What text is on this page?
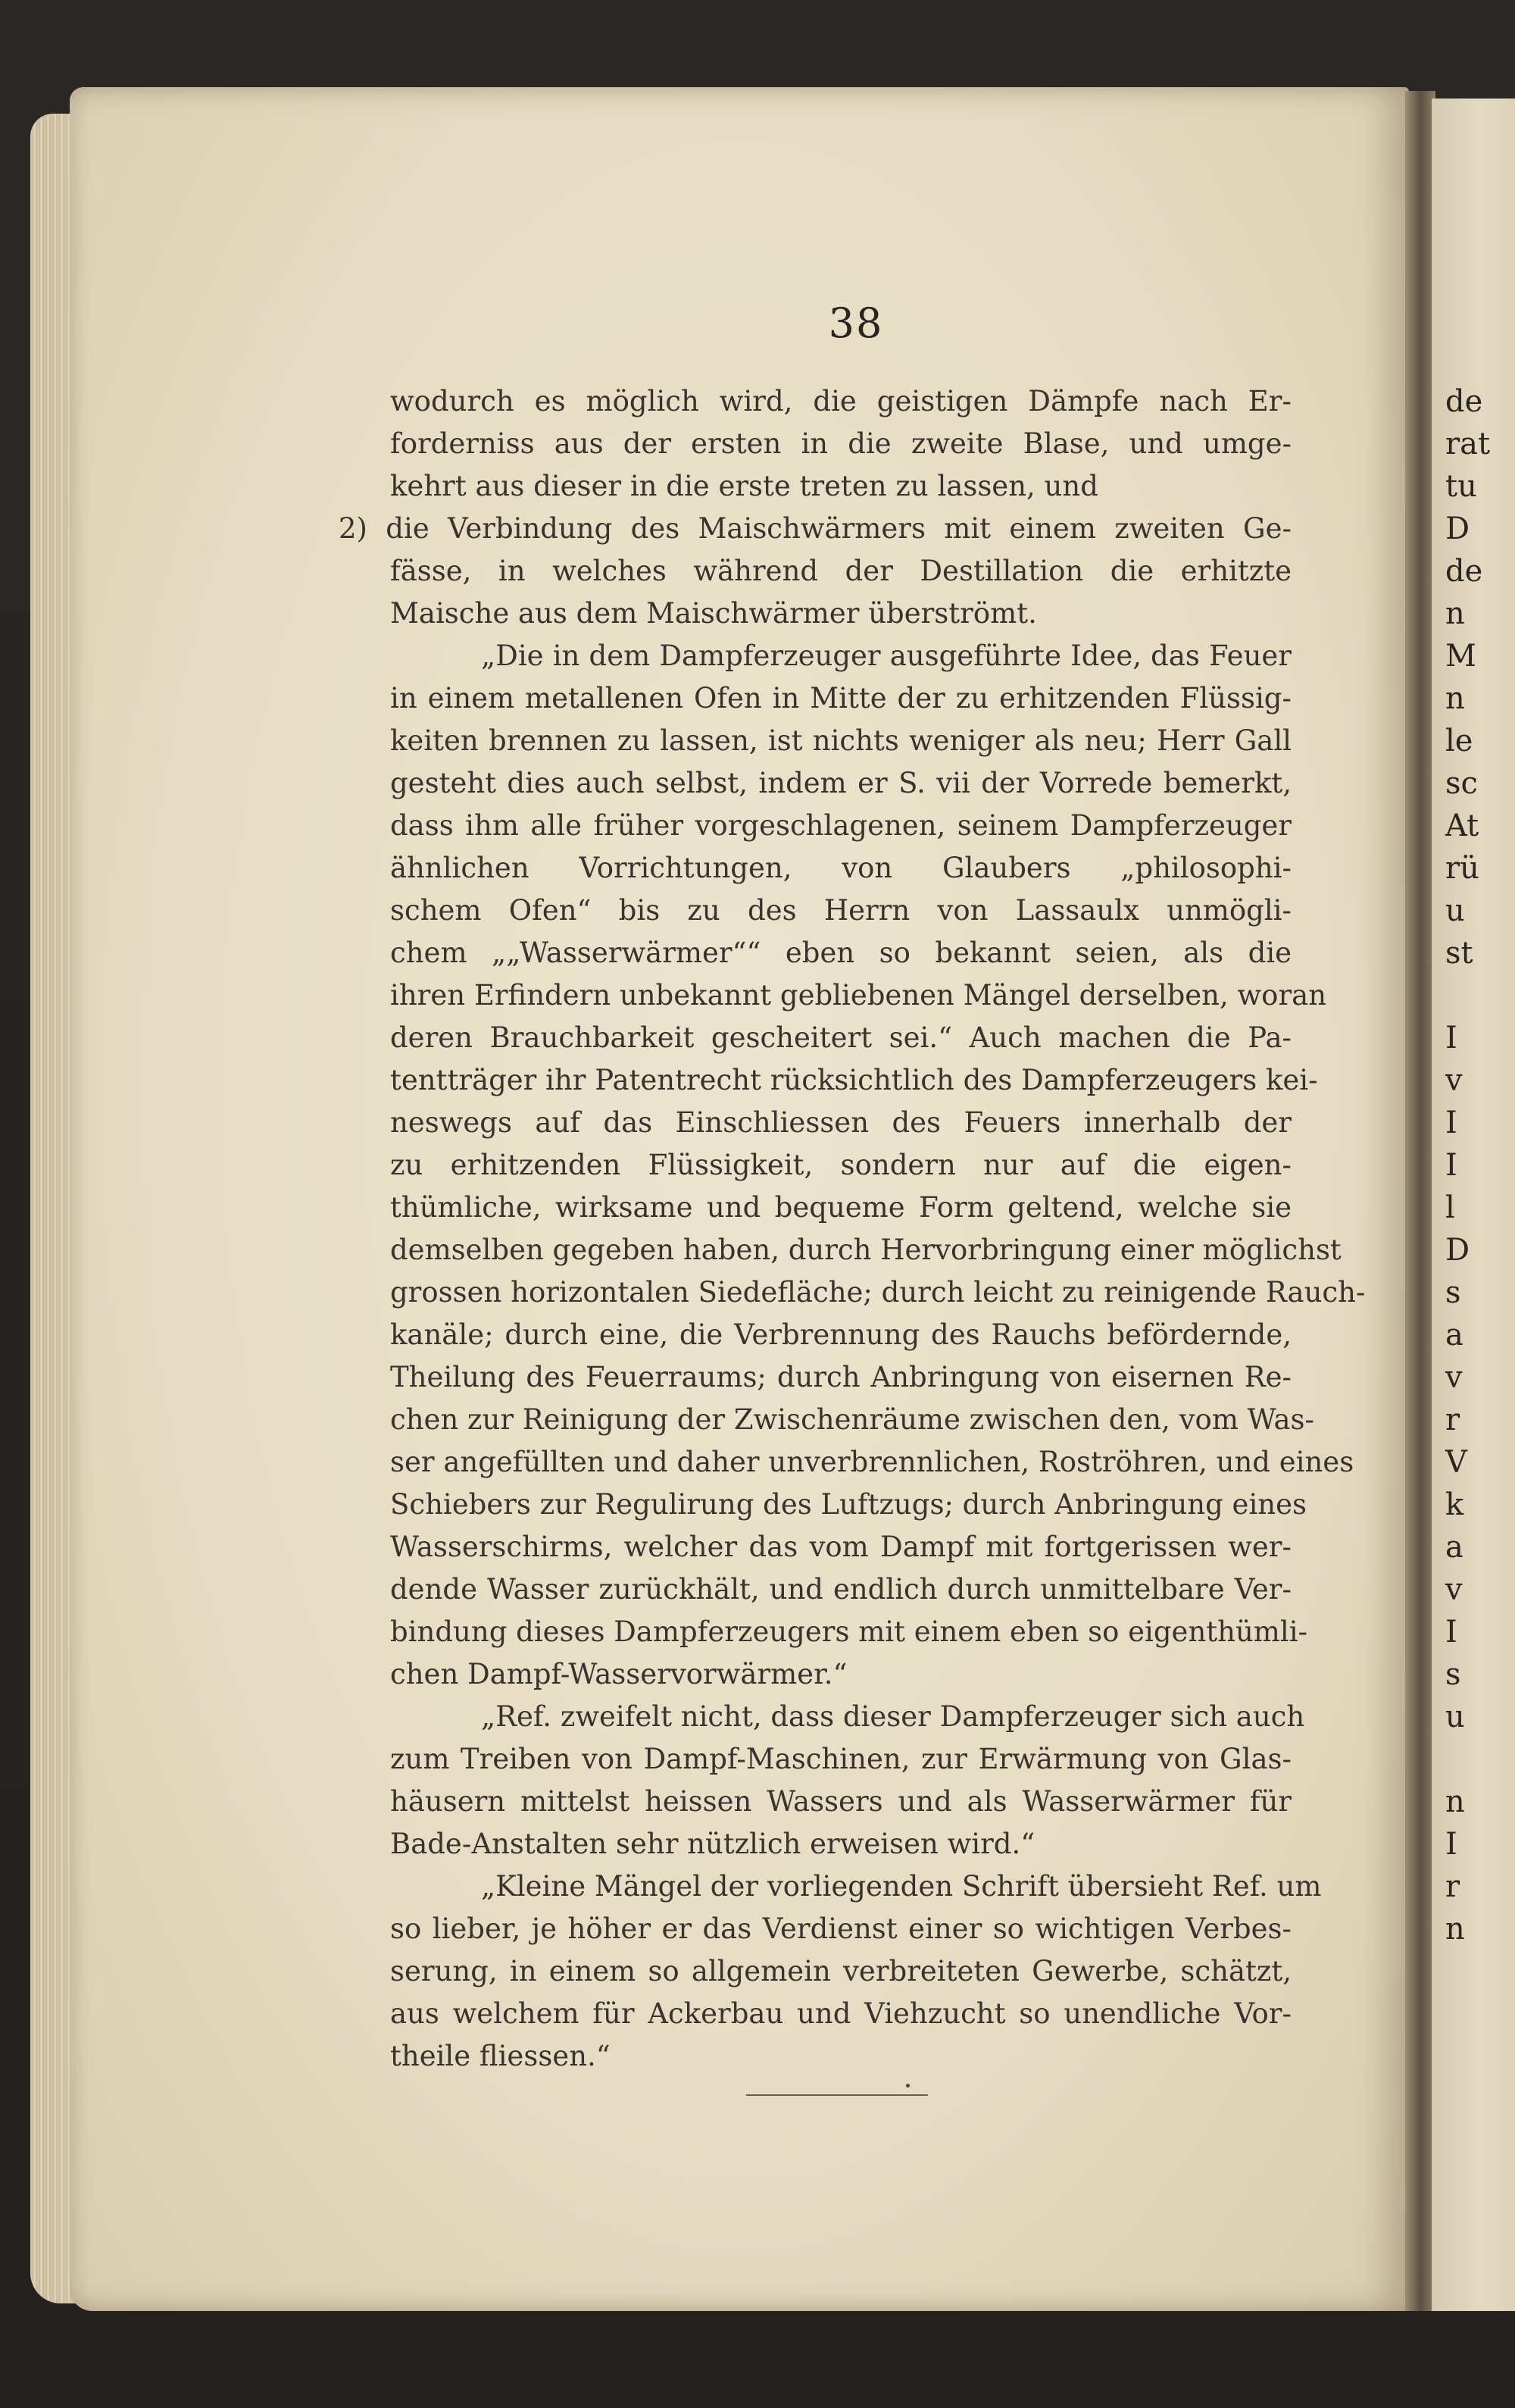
de
rat
tu
D
de
n
M
n
le
sc
At
rü
u
st
I
v
I
I
l
D
s
a
v
r
V
k
a
v
I
s
u
n
I
r
n
38
wodurch es möglich wird, die geistigen Dämpfe nach Er-
forderniss aus der ersten in die zweite Blase, und umge-
kehrt aus dieser in die erste treten zu lassen, und
2) die Verbindung des Maischwärmers mit einem zweiten Ge-
fässe, in welches während der Destillation die erhitzte
Maische aus dem Maischwärmer überströmt.
„Die in dem Dampferzeuger ausgeführte Idee, das Feuer
in einem metallenen Ofen in Mitte der zu erhitzenden Flüssig-
keiten brennen zu lassen, ist nichts weniger als neu; Herr Gall
gesteht dies auch selbst, indem er S. vii der Vorrede bemerkt,
dass ihm alle früher vorgeschlagenen, seinem Dampferzeuger
ähnlichen Vorrichtungen, von Glaubers „philosophi-
schem Ofen“ bis zu des Herrn von Lassaulx unmögli-
chem „„Wasserwärmer““ eben so bekannt seien, als die
ihren Erfindern unbekannt gebliebenen Mängel derselben, woran
deren Brauchbarkeit gescheitert sei.“ Auch machen die Pa-
tentträger ihr Patentrecht rücksichtlich des Dampferzeugers kei-
neswegs auf das Einschliessen des Feuers innerhalb der
zu erhitzenden Flüssigkeit, sondern nur auf die eigen-
thümliche, wirksame und bequeme Form geltend, welche sie
demselben gegeben haben, durch Hervorbringung einer möglichst
grossen horizontalen Siedefläche; durch leicht zu reinigende Rauch-
kanäle; durch eine, die Verbrennung des Rauchs befördernde,
Theilung des Feuerraums; durch Anbringung von eisernen Re-
chen zur Reinigung der Zwischenräume zwischen den, vom Was-
ser angefüllten und daher unverbrennlichen, Roströhren, und eines
Schiebers zur Regulirung des Luftzugs; durch Anbringung eines
Wasserschirms, welcher das vom Dampf mit fortgerissen wer-
dende Wasser zurückhält, und endlich durch unmittelbare Ver-
bindung dieses Dampferzeugers mit einem eben so eigenthümli-
chen Dampf-Wasservorwärmer.“
„Ref. zweifelt nicht, dass dieser Dampferzeuger sich auch
zum Treiben von Dampf-Maschinen, zur Erwärmung von Glas-
häusern mittelst heissen Wassers und als Wasserwärmer für
Bade-Anstalten sehr nützlich erweisen wird.“
„Kleine Mängel der vorliegenden Schrift übersieht Ref. um
so lieber, je höher er das Verdienst einer so wichtigen Verbes-
serung, in einem so allgemein verbreiteten Gewerbe, schätzt,
aus welchem für Ackerbau und Viehzucht so unendliche Vor-
theile fliessen.“
